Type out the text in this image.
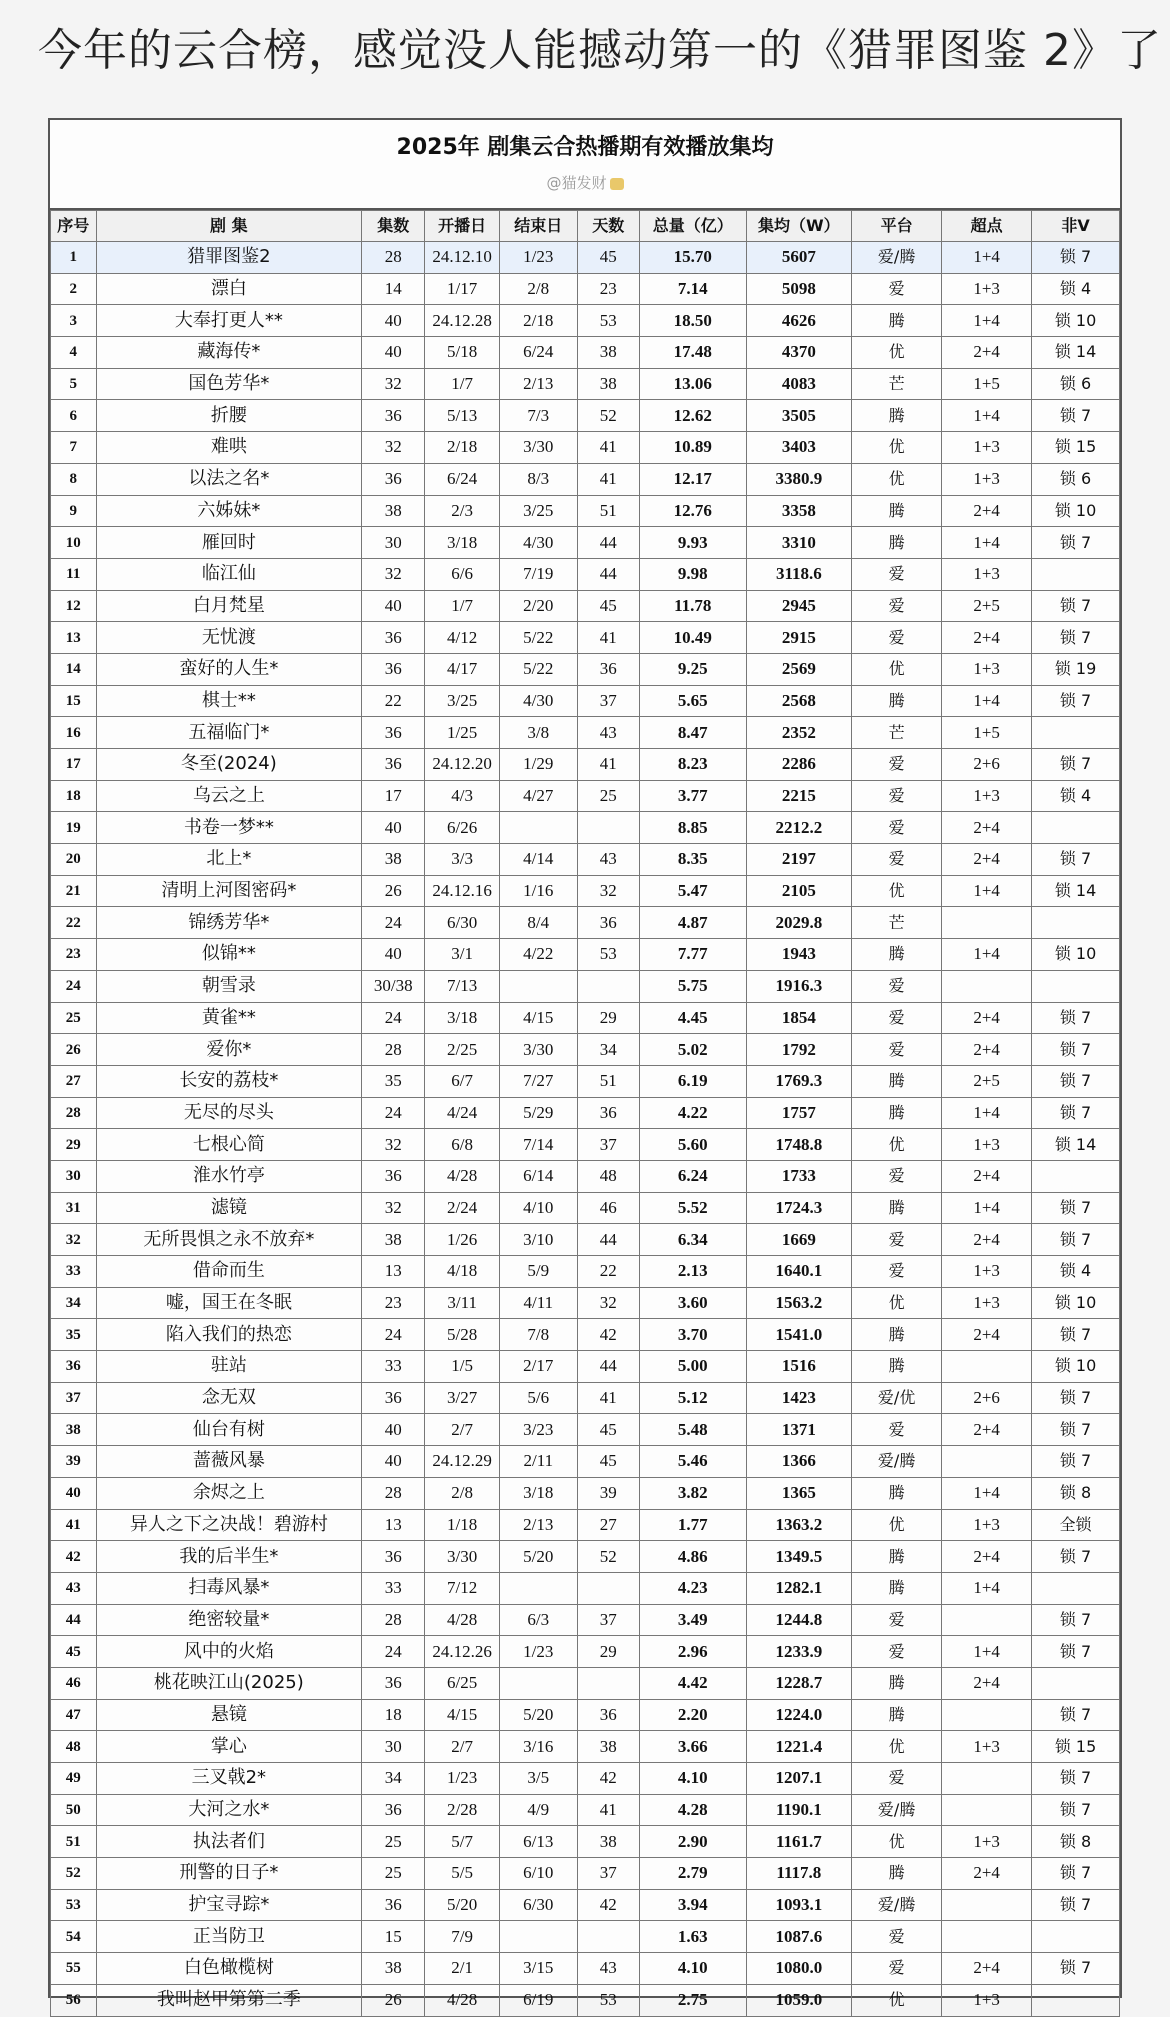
今年的云合榜，感觉没人能撼动第一的《猎罪图鉴 2》了
2025年 剧集云合热播期有效播放集均
@猫发财
序号	剧 集	集数	开播日	结束日	天数	总量（亿）	集均（W）	平台	超点	非V
1	猎罪图鉴2	28	24.12.10	1/23	45	15.70	5607	爱/腾	1+4	锁 7
2	漂白	14	1/17	2/8	23	7.14	5098	爱	1+3	锁 4
3	大奉打更人**	40	24.12.28	2/18	53	18.50	4626	腾	1+4	锁 10
4	藏海传*	40	5/18	6/24	38	17.48	4370	优	2+4	锁 14
5	国色芳华*	32	1/7	2/13	38	13.06	4083	芒	1+5	锁 6
6	折腰	36	5/13	7/3	52	12.62	3505	腾	1+4	锁 7
7	难哄	32	2/18	3/30	41	10.89	3403	优	1+3	锁 15
8	以法之名*	36	6/24	8/3	41	12.17	3380.9	优	1+3	锁 6
9	六姊妹*	38	2/3	3/25	51	12.76	3358	腾	2+4	锁 10
10	雁回时	30	3/18	4/30	44	9.93	3310	腾	1+4	锁 7
11	临江仙	32	6/6	7/19	44	9.98	3118.6	爱	1+3	
12	白月梵星	40	1/7	2/20	45	11.78	2945	爱	2+5	锁 7
13	无忧渡	36	4/12	5/22	41	10.49	2915	爱	2+4	锁 7
14	蛮好的人生*	36	4/17	5/22	36	9.25	2569	优	1+3	锁 19
15	棋士**	22	3/25	4/30	37	5.65	2568	腾	1+4	锁 7
16	五福临门*	36	1/25	3/8	43	8.47	2352	芒	1+5	
17	冬至(2024)	36	24.12.20	1/29	41	8.23	2286	爱	2+6	锁 7
18	乌云之上	17	4/3	4/27	25	3.77	2215	爱	1+3	锁 4
19	书卷一梦**	40	6/26			8.85	2212.2	爱	2+4	
20	北上*	38	3/3	4/14	43	8.35	2197	爱	2+4	锁 7
21	清明上河图密码*	26	24.12.16	1/16	32	5.47	2105	优	1+4	锁 14
22	锦绣芳华*	24	6/30	8/4	36	4.87	2029.8	芒		
23	似锦**	40	3/1	4/22	53	7.77	1943	腾	1+4	锁 10
24	朝雪录	30/38	7/13			5.75	1916.3	爱		
25	黄雀**	24	3/18	4/15	29	4.45	1854	爱	2+4	锁 7
26	爱你*	28	2/25	3/30	34	5.02	1792	爱	2+4	锁 7
27	长安的荔枝*	35	6/7	7/27	51	6.19	1769.3	腾	2+5	锁 7
28	无尽的尽头	24	4/24	5/29	36	4.22	1757	腾	1+4	锁 7
29	七根心简	32	6/8	7/14	37	5.60	1748.8	优	1+3	锁 14
30	淮水竹亭	36	4/28	6/14	48	6.24	1733	爱	2+4	
31	滤镜	32	2/24	4/10	46	5.52	1724.3	腾	1+4	锁 7
32	无所畏惧之永不放弃*	38	1/26	3/10	44	6.34	1669	爱	2+4	锁 7
33	借命而生	13	4/18	5/9	22	2.13	1640.1	爱	1+3	锁 4
34	嘘，国王在冬眠	23	3/11	4/11	32	3.60	1563.2	优	1+3	锁 10
35	陷入我们的热恋	24	5/28	7/8	42	3.70	1541.0	腾	2+4	锁 7
36	驻站	33	1/5	2/17	44	5.00	1516	腾		锁 10
37	念无双	36	3/27	5/6	41	5.12	1423	爱/优	2+6	锁 7
38	仙台有树	40	2/7	3/23	45	5.48	1371	爱	2+4	锁 7
39	蔷薇风暴	40	24.12.29	2/11	45	5.46	1366	爱/腾		锁 7
40	余烬之上	28	2/8	3/18	39	3.82	1365	腾	1+4	锁 8
41	异人之下之决战！碧游村	13	1/18	2/13	27	1.77	1363.2	优	1+3	全锁
42	我的后半生*	36	3/30	5/20	52	4.86	1349.5	腾	2+4	锁 7
43	扫毒风暴*	33	7/12			4.23	1282.1	腾	1+4	
44	绝密较量*	28	4/28	6/3	37	3.49	1244.8	爱		锁 7
45	风中的火焰	24	24.12.26	1/23	29	2.96	1233.9	爱	1+4	锁 7
46	桃花映江山(2025)	36	6/25			4.42	1228.7	腾	2+4	
47	悬镜	18	4/15	5/20	36	2.20	1224.0	腾		锁 7
48	掌心	30	2/7	3/16	38	3.66	1221.4	优	1+3	锁 15
49	三叉戟2*	34	1/23	3/5	42	4.10	1207.1	爱		锁 7
50	大河之水*	36	2/28	4/9	41	4.28	1190.1	爱/腾		锁 7
51	执法者们	25	5/7	6/13	38	2.90	1161.7	优	1+3	锁 8
52	刑警的日子*	25	5/5	6/10	37	2.79	1117.8	腾	2+4	锁 7
53	护宝寻踪*	36	5/20	6/30	42	3.94	1093.1	爱/腾		锁 7
54	正当防卫	15	7/9			1.63	1087.6	爱		
55	白色橄榄树	38	2/1	3/15	43	4.10	1080.0	爱	2+4	锁 7
56	我叫赵甲第第二季	26	4/28	6/19	53	2.75	1059.0	优	1+3	
